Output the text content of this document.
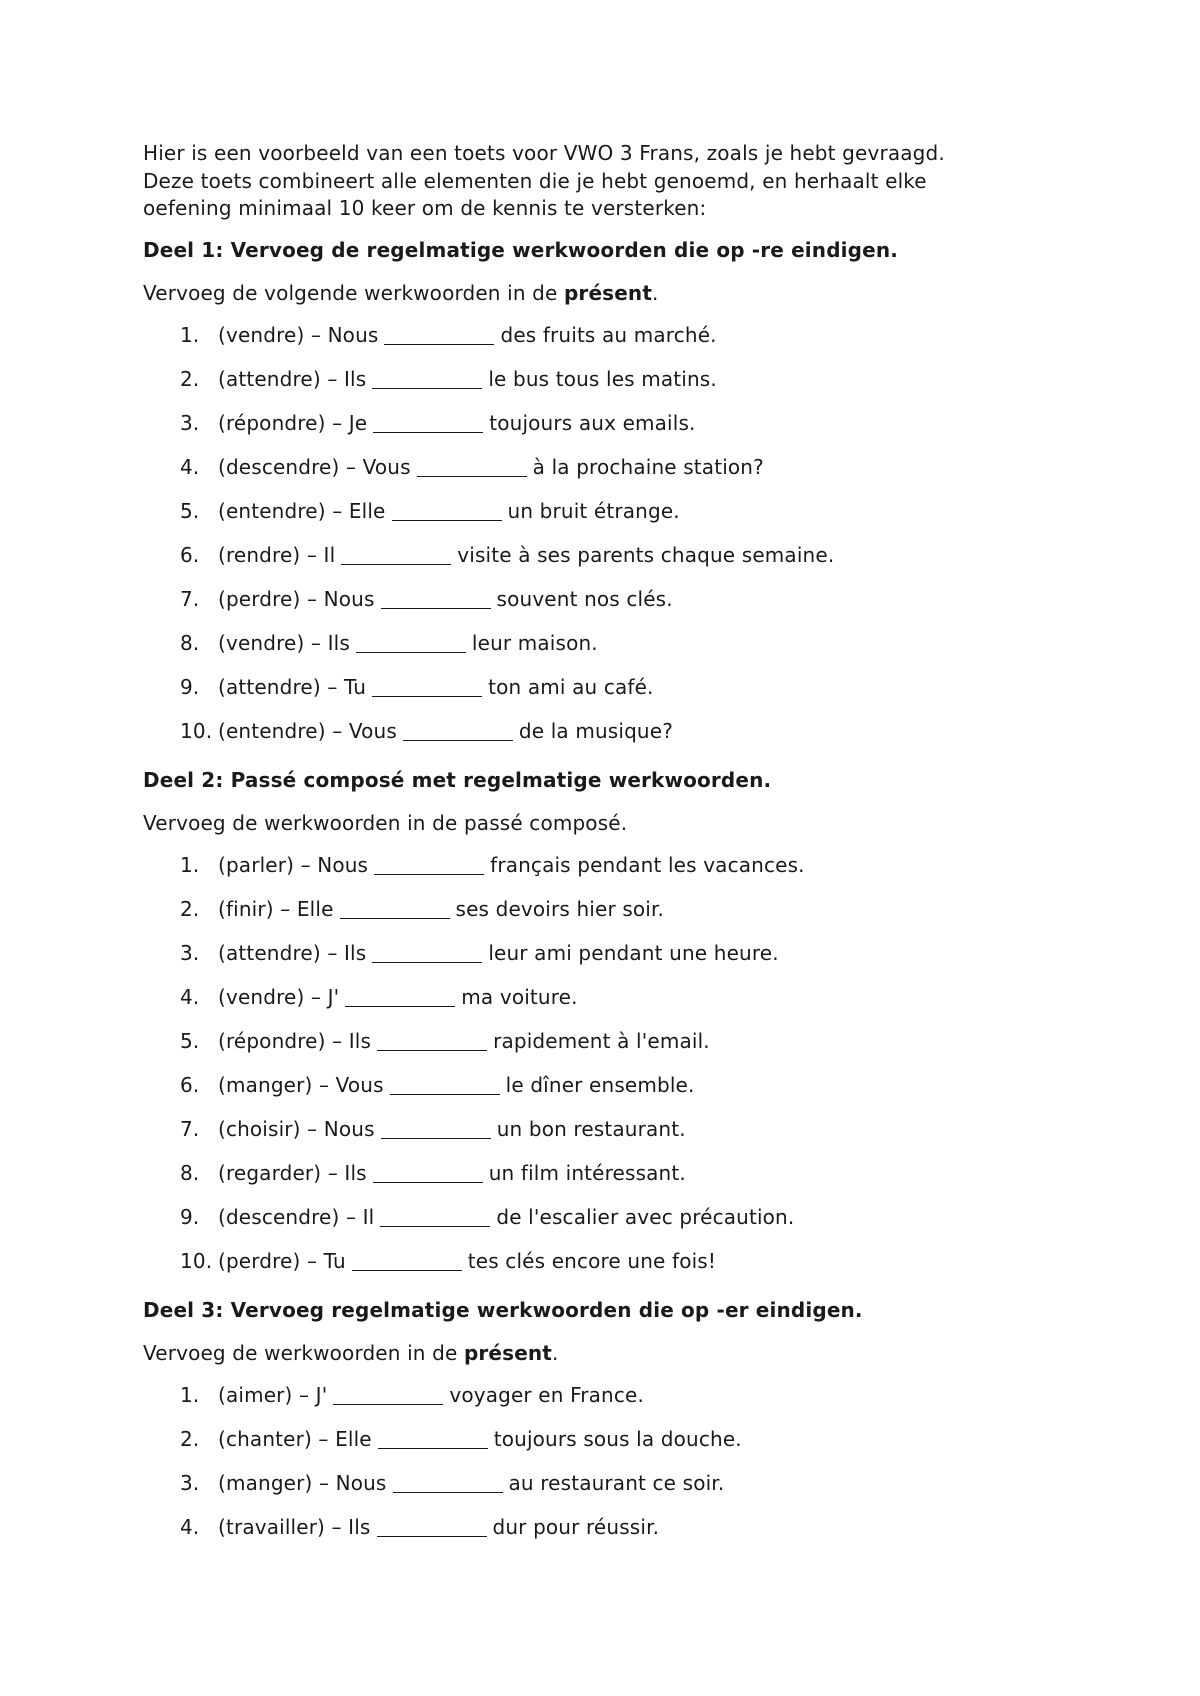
Hier is een voorbeeld van een toets voor VWO 3 Frans, zoals je hebt gevraagd.

Deze toets combineert alle elementen die je hebt genoemd, en herhaalt elke

oefening minimaal 10 keer om de kennis te versterken:

Deel 1: Vervoeg de regelmatige werkwoorden die op -re eindigen.
Vervoeg de volgende werkwoorden in de présent.
1. (vendre) – Nous	des fruits au marché.
2. (attendre) – Ils	le bus tous les matins.
3. (répondre) – Je	toujours aux emails.
4. (descendre) – Vous	à la prochaine station?
5. (entendre) – Elle	un bruit étrange.
6. (rendre) – Il	visite à ses parents chaque semaine.
7. (perdre) – Nous	souvent nos clés.
8. (vendre) – Ils	leur maison.
9. (attendre) – Tu	ton ami au café.
10. (entendre) – Vous	de la musique?
Deel 2: Passé composé met regelmatige werkwoorden.
Vervoeg de werkwoorden in de passé composé.
1. (parler) – Nous	français pendant les vacances.
2. (finir) – Elle	ses devoirs hier soir.
3. (attendre) – Ils	leur ami pendant une heure.
4. (vendre) – J'	ma voiture.
5. (répondre) – Ils	rapidement à l'email.
6. (manger) – Vous	le dîner ensemble.
7. (choisir) – Nous	un bon restaurant.
8. (regarder) – Ils	un film intéressant.
9. (descendre) – Il	de l'escalier avec précaution.
10. (perdre) – Tu	tes clés encore une fois!
Deel 3: Vervoeg regelmatige werkwoorden die op -er eindigen.
Vervoeg de werkwoorden in de présent.
1. (aimer) – J'	voyager en France.
2. (chanter) – Elle	toujours sous la douche.
3. (manger) – Nous	au restaurant ce soir.
4. (travailler) – Ils	dur pour réussir.
